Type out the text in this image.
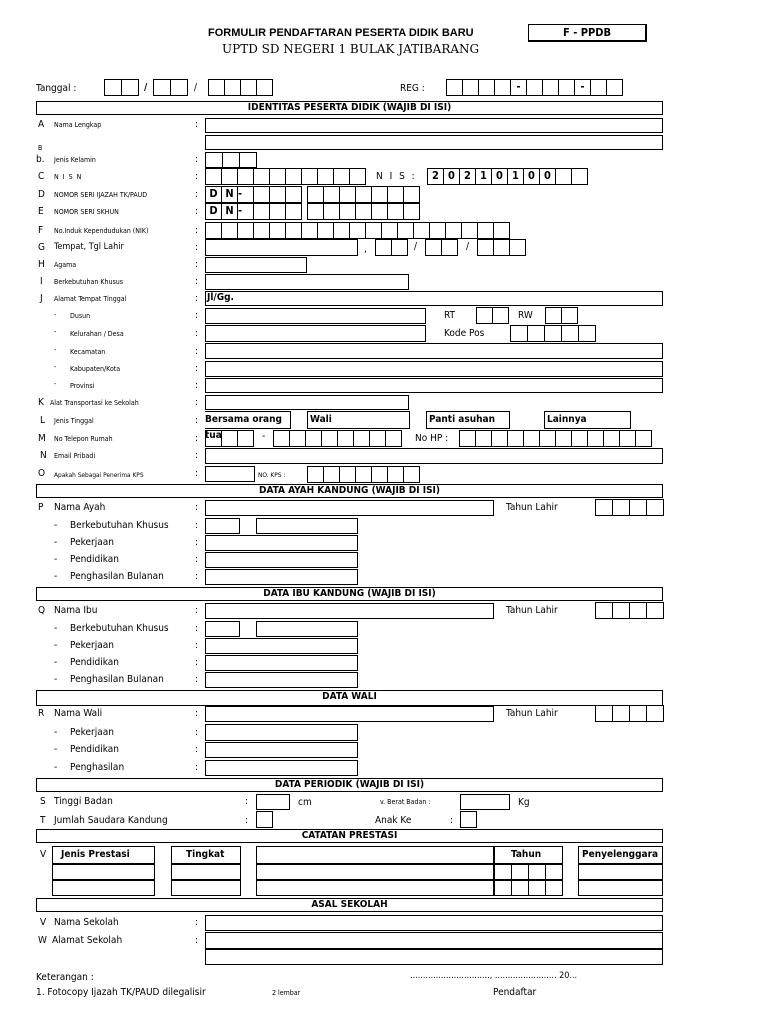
FORMULIR PENDAFTARAN PESERTA DIDIK BARU
UPTD SD NEGERI 1 BULAK JATIBARANG
F - PPDB
Tanggal :	/	/	REG :	-	-
IDENTITAS PESERTA DIDIK (WAJIB DI ISI)
A Nama Lengkap	:
B
b. Jenis Kelamin	:
C N I S N	:	N I S :	2 0 2 1 0 1 0 0
D NOMOR SERI IJAZAH TK/PAUD	:	D N -
E NOMOR SERI SKHUN	:	D N -
F No.Induk Kependudukan (NIK)	:
G Tempat, Tgl Lahir	:	,	/	/
H Agama	:
I Berkebutuhan Khusus	:
J Alamat Tempat Tinggal	: Jl/Gg.
- Dusun	:	RT	RW
- Kelurahan / Desa	:	Kode Pos
- Kecamatan	:
- Kabupaten/Kota	:
- Provinsi	:
K Alat Transportasi ke Sekolah	:
L Jenis Tinggal	: Bersama orang tua
Wali	Panti asuhan	Lainnya
M No Telepon Rumah	:	-	No HP :
N Email Pribadi	:
O Apakah Sebagai Penerima KPS	:	NO. KPS :
DATA AYAH KANDUNG (WAJIB DI ISI)
P Nama Ayah	:	Tahun Lahir
- Berkebutuhan Khusus	:
- Pekerjaan	:
- Pendidikan	:
- Penghasilan Bulanan	:
DATA IBU KANDUNG (WAJIB DI ISI)
Q Nama Ibu	:	Tahun Lahir
- Berkebutuhan Khusus	:
- Pekerjaan	:
- Pendidikan	:
- Penghasilan Bulanan	:
DATA WALI
R Nama Wali	:	Tahun Lahir
- Pekerjaan	:
- Pendidikan	:
- Penghasilan	:
DATA PERIODIK (WAJIB DI ISI)
S Tinggi Badan	:	cm	v. Berat Badan :	Kg
T Jumlah Saudara Kandung	:	Anak Ke	:
CATATAN PRESTASI
V	Jenis Prestasi	Tingkat	Tahun	Penyelenggara
ASAL SEKOLAH
V Nama Sekolah	:
W Alamat Sekolah	:
Keterangan :
1. Fotocopy Ijazah TK/PAUD dilegalisir	2 lembar
..............................., ........................ 20...
Pendaftar
